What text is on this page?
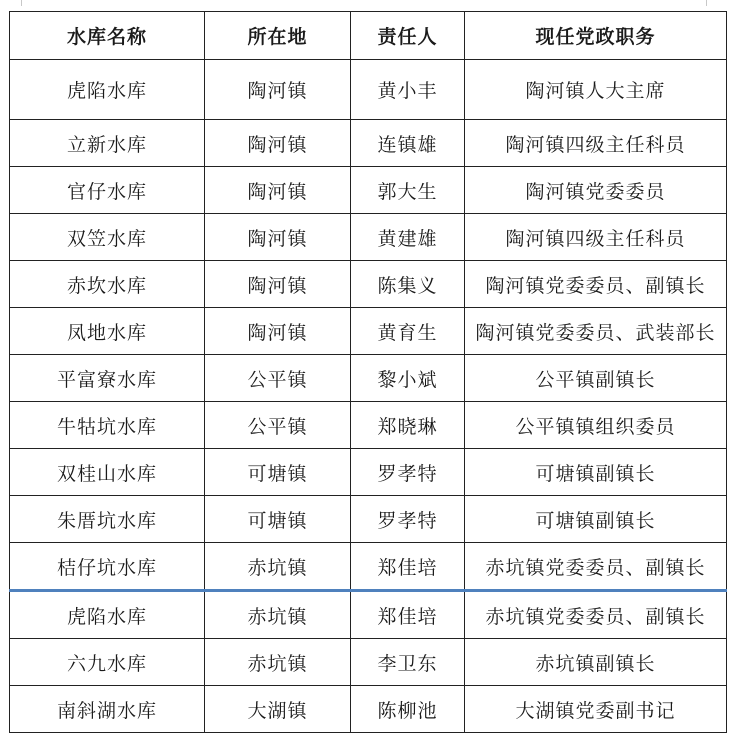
水库名称	所在地	责任人	现任党政职务
虎陷水库	陶河镇	黄小丰	陶河镇人大主席
立新水库	陶河镇	连镇雄	陶河镇四级主任科员
官仔水库	陶河镇	郭大生	陶河镇党委委员
双笠水库	陶河镇	黄建雄	陶河镇四级主任科员
赤坎水库	陶河镇	陈集义	陶河镇党委委员、副镇长
凤地水库	陶河镇	黄育生	陶河镇党委委员、武装部长
平富寮水库	公平镇	黎小斌	公平镇副镇长
牛牯坑水库	公平镇	郑晓琳	公平镇镇组织委员
双桂山水库	可塘镇	罗孝特	可塘镇副镇长
朱厝坑水库	可塘镇	罗孝特	可塘镇副镇长
桔仔坑水库	赤坑镇	郑佳培	赤坑镇党委委员、副镇长
虎陷水库	赤坑镇	郑佳培	赤坑镇党委委员、副镇长
六九水库	赤坑镇	李卫东	赤坑镇副镇长
南斜湖水库	大湖镇	陈柳池	大湖镇党委副书记
